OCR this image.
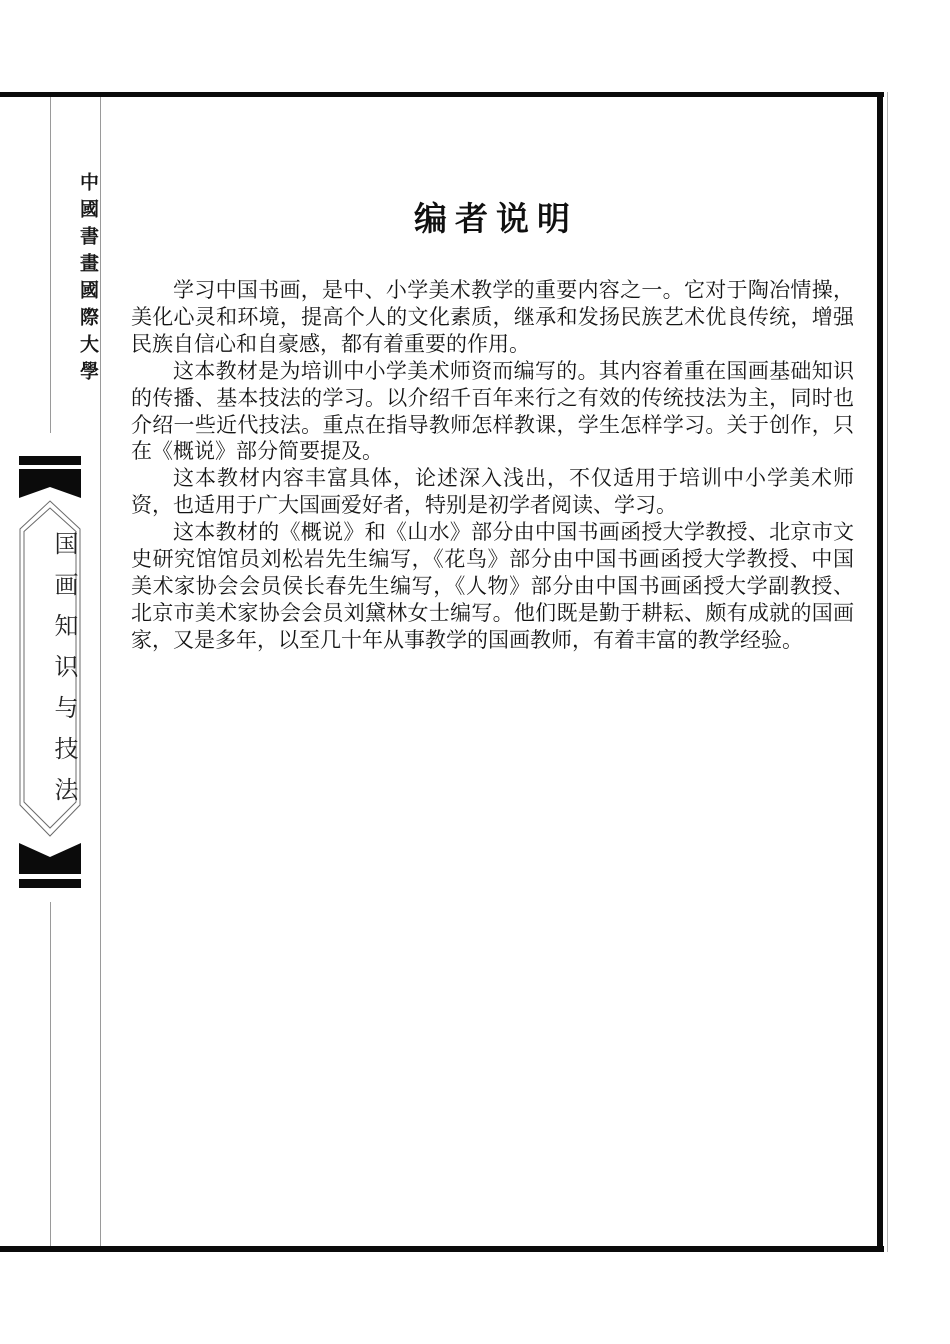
中國書畫國際大學
国画知识与技法
编者说明

学习中国书画，是中、小学美术教学的重要内容之一。它对于陶冶情操，美化心灵和环境，提高个人的文化素质，继承和发扬民族艺术优良传统，增强民族自信心和自豪感，都有着重要的作用。

这本教材是为培训中小学美术师资而编写的。其内容着重在国画基础知识的传播、基本技法的学习。以介绍千百年来行之有效的传统技法为主，同时也介绍一些近代技法。重点在指导教师怎样教课，学生怎样学习。关于创作，只在《概说》部分简要提及。

这本教材内容丰富具体，论述深入浅出，不仅适用于培训中小学美术师资，也适用于广大国画爱好者，特别是初学者阅读、学习。

这本教材的《概说》和《山水》部分由中国书画函授大学教授、北京市文史研究馆馆员刘松岩先生编写，《花鸟》部分由中国书画函授大学教授、中国美术家协会会员侯长春先生编写，《人物》部分由中国书画函授大学副教授、北京市美术家协会会员刘黛林女士编写。他们既是勤于耕耘、颇有成就的国画家，又是多年，以至几十年从事教学的国画教师，有着丰富的教学经验。
